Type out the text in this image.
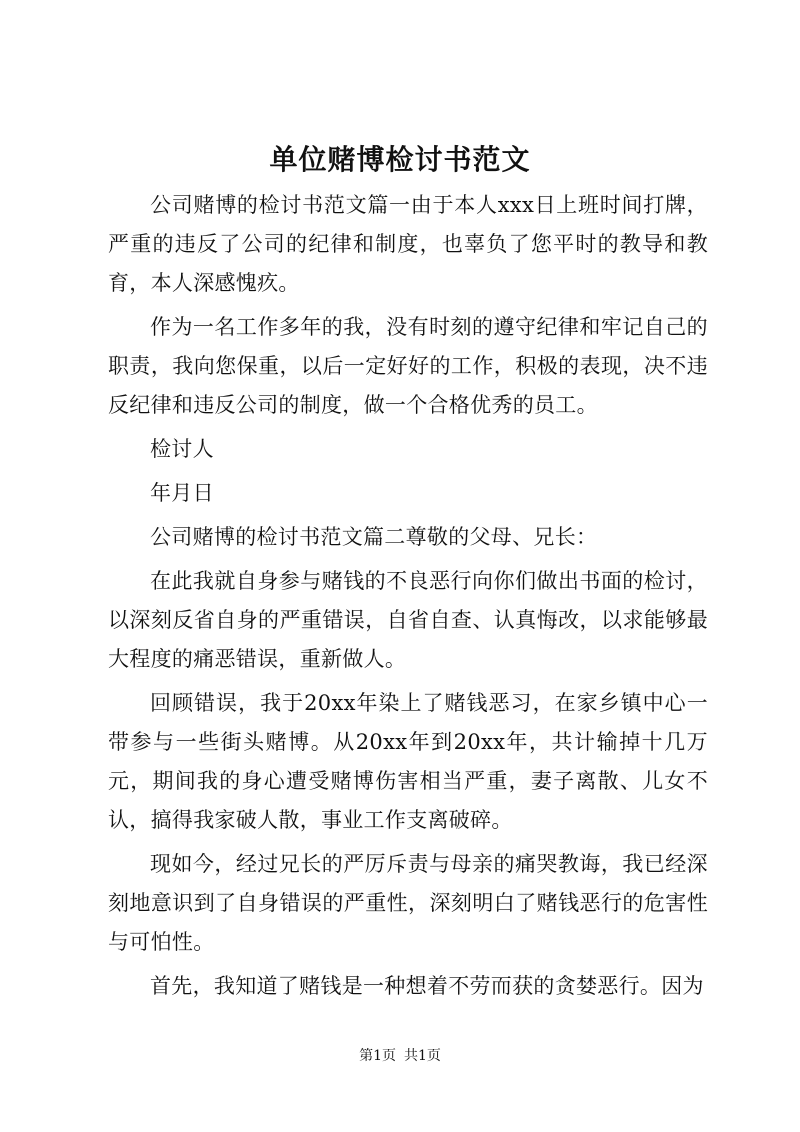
单位赌博检讨书范文

公司赌博的检讨书范文篇一由于本人xxx日上班时间打牌，严重的违反了公司的纪律和制度，也辜负了您平时的教导和教育，本人深感愧疚。

作为一名工作多年的我，没有时刻的遵守纪律和牢记自己的职责，我向您保重，以后一定好好的工作，积极的表现，决不违反纪律和违反公司的制度，做一个合格优秀的员工。

检讨人

年月日

公司赌博的检讨书范文篇二尊敬的父母、兄长：

在此我就自身参与赌钱的不良恶行向你们做出书面的检讨，以深刻反省自身的严重错误，自省自查、认真悔改，以求能够最大程度的痛恶错误，重新做人。

回顾错误，我于20xx年染上了赌钱恶习，在家乡镇中心一带参与一些街头赌博。从20xx年到20xx年，共计输掉十几万元，期间我的身心遭受赌博伤害相当严重，妻子离散、儿女不认，搞得我家破人散，事业工作支离破碎。

现如今，经过兄长的严厉斥责与母亲的痛哭教诲，我已经深刻地意识到了自身错误的严重性，深刻明白了赌钱恶行的危害性与可怕性。

首先，我知道了赌钱是一种想着不劳而获的贪婪恶行。因为

第1页 共1页
